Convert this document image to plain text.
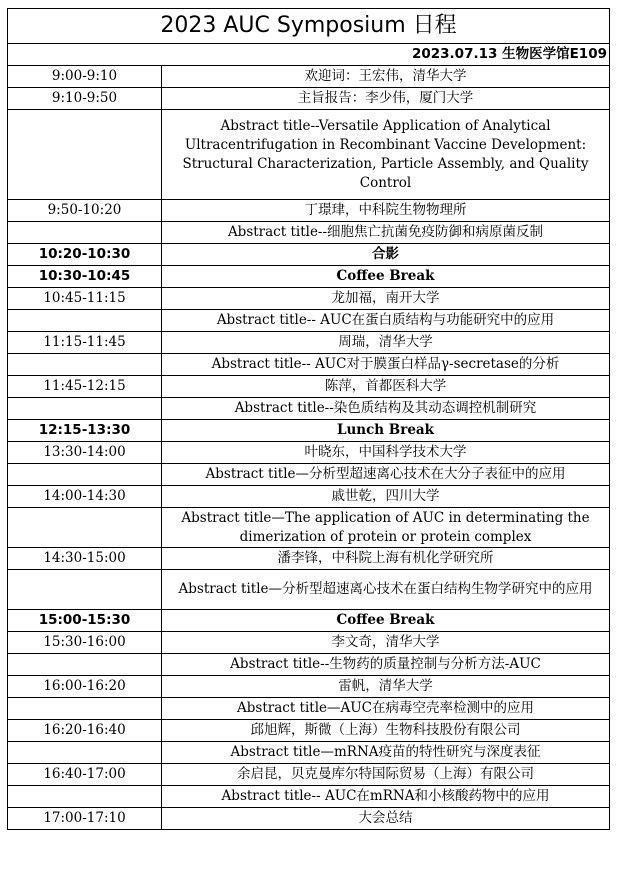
2023 AUC Symposium 日程	
2023.07.13 生物医学馆E109	
9:00-9:10	欢迎词：王宏伟，清华大学
9:10-9:50	主旨报告：李少伟，厦门大学
	Abstract title--Versatile Application of Analytical Ultracentrifugation in Recombinant Vaccine Development: Structural Characterization, Particle Assembly, and Quality Control
9:50-10:20	丁璟珒，中科院生物物理所
	Abstract title--细胞焦亡抗菌免疫防御和病原菌反制
10:20-10:30	合影
10:30-10:45	Coffee Break
10:45-11:15	龙加福，南开大学
	Abstract title-- AUC在蛋白质结构与功能研究中的应用
11:15-11:45	周瑞，清华大学
	Abstract title-- AUC对于膜蛋白样品γ-secretase的分析
11:45-12:15	陈萍，首都医科大学
	Abstract title--染色质结构及其动态调控机制研究
12:15-13:30	Lunch Break
13:30-14:00	叶晓东，中国科学技术大学
	Abstract title—分析型超速离心技术在大分子表征中的应用
14:00-14:30	戚世乾，四川大学
	Abstract title—The application of AUC in determinating the dimerization of protein or protein complex
14:30-15:00	潘李锋，中科院上海有机化学研究所
	Abstract title—分析型超速离心技术在蛋白结构生物学研究中的应用
15:00-15:30	Coffee Break
15:30-16:00	李文奇，清华大学
	Abstract title--生物药的质量控制与分析方法-AUC
16:00-16:20	雷帆，清华大学
	Abstract title—AUC在病毒空壳率检测中的应用
16:20-16:40	邱旭辉，斯微（上海）生物科技股份有限公司
	Abstract title—mRNA疫苗的特性研究与深度表征
16:40-17:00	余启昆，贝克曼库尔特国际贸易（上海）有限公司
	Abstract title-- AUC在mRNA和小核酸药物中的应用
17:00-17:10	大会总结
